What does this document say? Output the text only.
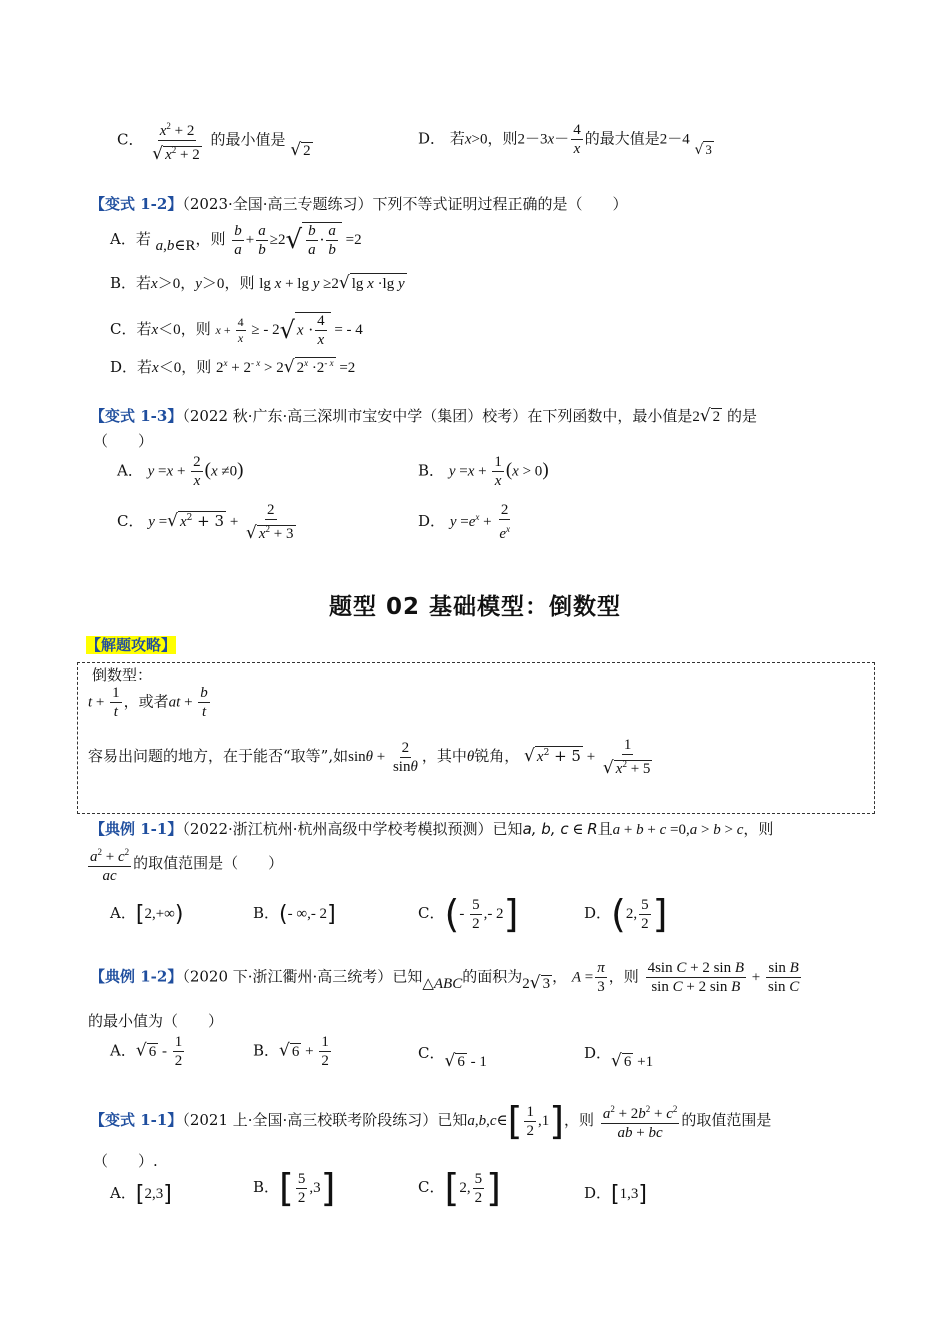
C． $\frac{x^2 + 2}{√ x^2 + 2}$ 的最小值是 √ 2
D． 若x>0，则$2-3x- \frac{4}{x}$ 的最大值是2－4 √ 3
【变式 1-2】（2023·全国·高三专题练习）下列不等式证明过程正确的是（　　）
A．若 a,b∈R，则 $\frac{b}{a} + \frac{a}{b} \ge 2√ \frac{b}{a} \cdot \frac{a}{b} =2$
B．若x＞0，y＞0，则 lg x + lg y ≥2√ lg x ·lg y
C．若x＜0，则 $x + \frac{4}{x}$ ≥ - 2√ $x \cdot \frac{4}{x}$ = - 4
D．若x＜0，则 $2^x + 2^{- x} > 2√$ $2^x \cdot 2^{- x} =2$
【变式 1-3】（2022 秋·广东·高三深圳市宝安中学（集团）校考）在下列函数中，最小值是2√ 2 的是
（　　）
A． $y =x + \frac{2}{x} (x \ne 0)$	B． $y =x + \frac{1}{x} (x > 0)$
C． y =√ $x^2 + 3 + \frac{2}{√ x^2 + 3}$	D． $y =e^x + \frac{2}{e^x}$
题型 02 基础模型：倒数型
【解题攻略】
倒数型：
$t + \frac{1}{t}$ ，或者at + $\frac{b}{t}$
容易出问题的地方，在于能否“取等”,如$\sin\theta + \frac{2}{\sin\theta}$ ，其中θ锐角， √ $x^2 + 5 + \frac{1}{√ x^2 + 5}$
【典例 1-1】（2022·浙江杭州·杭州高级中学校考模拟预测）已知a, b, c ∈ R且a + b + c =0,a > b > c，则
$\frac{a^2 + c^2}{ac}$ 的取值范围是（　　）
A．[2,+∞)	B．(- ∞,- 2]	C．(- $\frac{5}{2}$ ,- 2]	D．(2, $\frac{5}{2}$ ]
【典例 1-2】（2020 下·浙江衢州·高三统考）已知△ABC的面积为2√ 3 ， $A = \frac{\pi}{3}$ ，则 $\frac{\text{4sin C + 2 sin B}}{\text{sin C + 2 sin B}} + \frac{\text{sin B}}{\text{sin C}}$
的最小值为（　　）
A．√ $6 - \frac{1}{2}$	B．√ $6 + \frac{1}{2}$	C．√ 6 - 1	D．√ 6 +1
【变式 1-1】（2021 上·全国·高三校联考阶段练习）已知a,b,c∈[ $\frac{1}{2} ,1$]，则 $\frac{a^2 + 2b^2 + c^2}{ab + bc}$ 的取值范围是
（　　）.
A．[2,3]	B．[ $\frac{5}{2} ,3$]	C．[2, $\frac{5}{2}$ ]	D．[1,3]
